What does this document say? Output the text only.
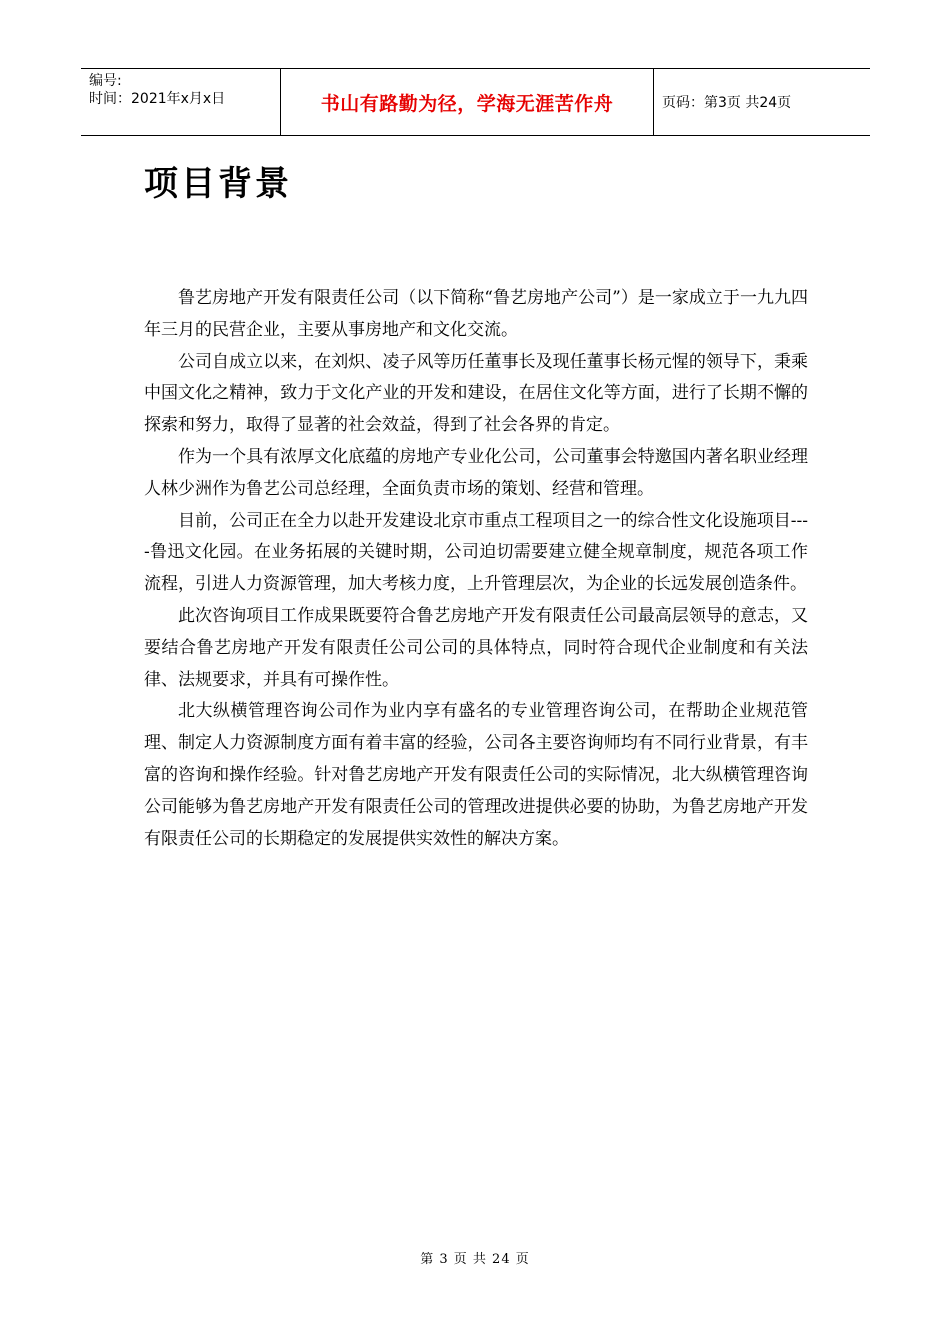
编号:
时间：2021年x月x日	书山有路勤为径，学海无涯苦作舟	页码：第3页 共24页
项目背景

鲁艺房地产开发有限责任公司（以下简称“鲁艺房地产公司”）是一家成立于一九九四年三月的民营企业，主要从事房地产和文化交流。

公司自成立以来，在刘炽、凌子风等历任董事长及现任董事长杨元惺的领导下，秉乘中国文化之精神，致力于文化产业的开发和建设，在居住文化等方面，进行了长期不懈的探索和努力，取得了显著的社会效益，得到了社会各界的肯定。

作为一个具有浓厚文化底蕴的房地产专业化公司，公司董事会特邀国内著名职业经理人林少洲作为鲁艺公司总经理，全面负责市场的策划、经营和管理。

目前，公司正在全力以赴开发建设北京市重点工程项目之一的综合性文化设施项目----鲁迅文化园。在业务拓展的关键时期，公司迫切需要建立健全规章制度，规范各项工作流程，引进人力资源管理，加大考核力度，上升管理层次，为企业的长远发展创造条件。

此次咨询项目工作成果既要符合鲁艺房地产开发有限责任公司最高层领导的意志，又要结合鲁艺房地产开发有限责任公司公司的具体特点，同时符合现代企业制度和有关法律、法规要求，并具有可操作性。

北大纵横管理咨询公司作为业内享有盛名的专业管理咨询公司，在帮助企业规范管理、制定人力资源制度方面有着丰富的经验，公司各主要咨询师均有不同行业背景，有丰富的咨询和操作经验。针对鲁艺房地产开发有限责任公司的实际情况，北大纵横管理咨询公司能够为鲁艺房地产开发有限责任公司的管理改进提供必要的协助，为鲁艺房地产开发有限责任公司的长期稳定的发展提供实效性的解决方案。

第 3 页 共 24 页
